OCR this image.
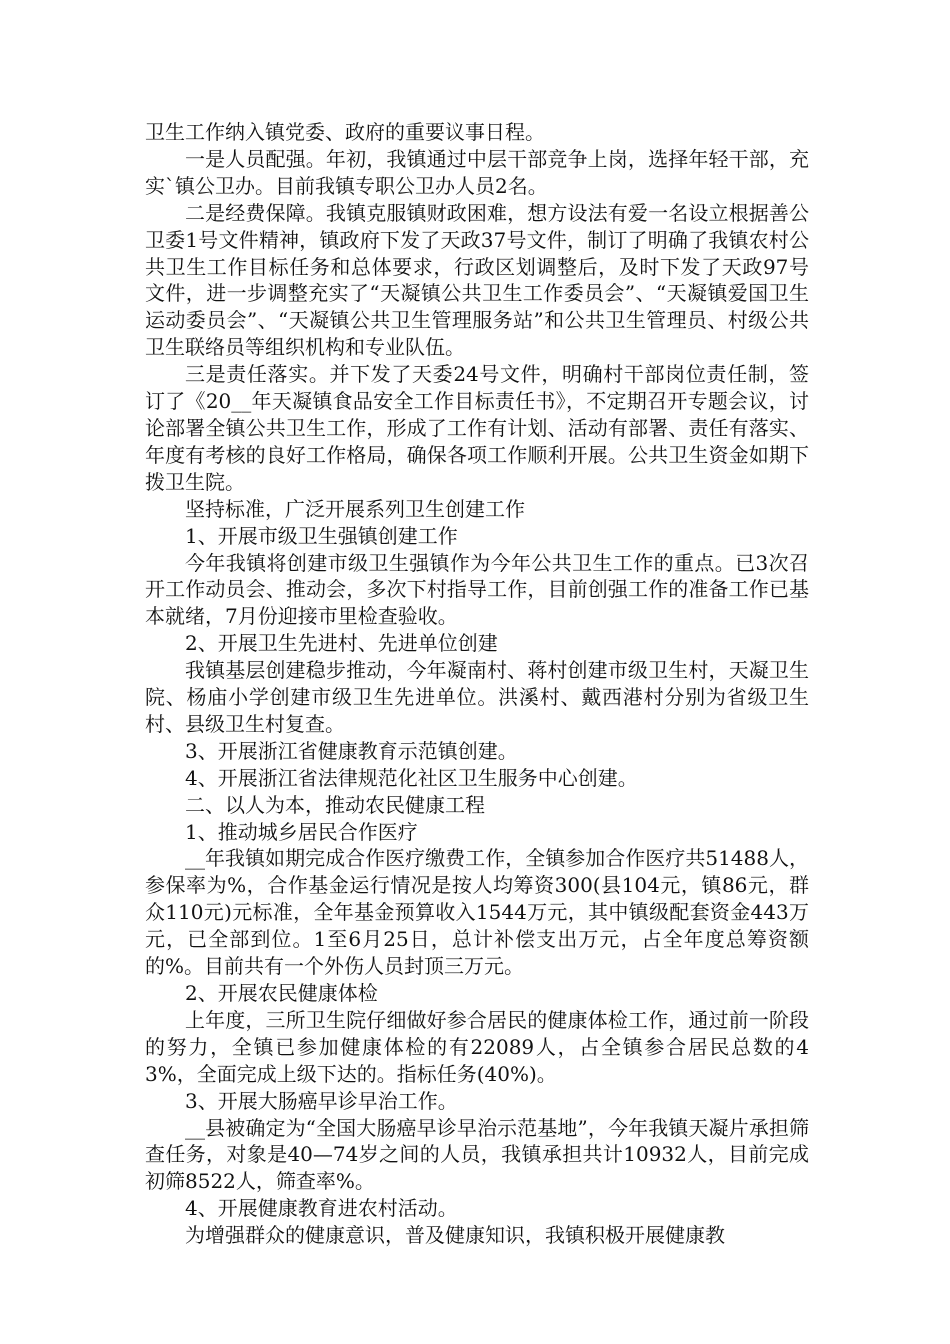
卫生工作纳入镇党委、政府的重要议事日程。

一是人员配强。年初，我镇通过中层干部竞争上岗，选择年轻干部，充实`镇公卫办。目前我镇专职公卫办人员2名。

二是经费保障。我镇克服镇财政困难，想方设法有爱一名设立根据善公卫委1号文件精神，镇政府下发了天政37号文件，制订了明确了我镇农村公共卫生工作目标任务和总体要求，行政区划调整后，及时下发了天政97号文件，进一步调整充实了“天凝镇公共卫生工作委员会”、“天凝镇爱国卫生运动委员会”、“天凝镇公共卫生管理服务站”和公共卫生管理员、村级公共卫生联络员等组织机构和专业队伍。

三是责任落实。并下发了天委24号文件，明确村干部岗位责任制，签订了《20__年天凝镇食品安全工作目标责任书》，不定期召开专题会议，讨论部署全镇公共卫生工作，形成了工作有计划、活动有部署、责任有落实、年度有考核的良好工作格局，确保各项工作顺利开展。公共卫生资金如期下拨卫生院。

坚持标准，广泛开展系列卫生创建工作

1、开展市级卫生强镇创建工作

今年我镇将创建市级卫生强镇作为今年公共卫生工作的重点。已3次召开工作动员会、推动会，多次下村指导工作，目前创强工作的准备工作已基本就绪，7月份迎接市里检查验收。

2、开展卫生先进村、先进单位创建

我镇基层创建稳步推动，今年凝南村、蒋村创建市级卫生村，天凝卫生院、杨庙小学创建市级卫生先进单位。洪溪村、戴西港村分别为省级卫生村、县级卫生村复查。

3、开展浙江省健康教育示范镇创建。

4、开展浙江省法律规范化社区卫生服务中心创建。

二、以人为本，推动农民健康工程

1、推动城乡居民合作医疗

__年我镇如期完成合作医疗缴费工作，全镇参加合作医疗共51488人，参保率为%，合作基金运行情况是按人均筹资300(县104元，镇86元，群众110元)元标准，全年基金预算收入1544万元，其中镇级配套资金443万元，已全部到位。1至6月25日，总计补偿支出万元，占全年度总筹资额的%。目前共有一个外伤人员封顶三万元。

2、开展农民健康体检

上年度，三所卫生院仔细做好参合居民的健康体检工作，通过前一阶段的努力，全镇已参加健康体检的有22089人，占全镇参合居民总数的43%，全面完成上级下达的。指标任务(40%)。

3、开展大肠癌早诊早治工作。

__县被确定为“全国大肠癌早诊早治示范基地”，今年我镇天凝片承担筛查任务，对象是40—74岁之间的人员，我镇承担共计10932人，目前完成初筛8522人，筛查率%。

4、开展健康教育进农村活动。

为增强群众的健康意识，普及健康知识，我镇积极开展健康教
